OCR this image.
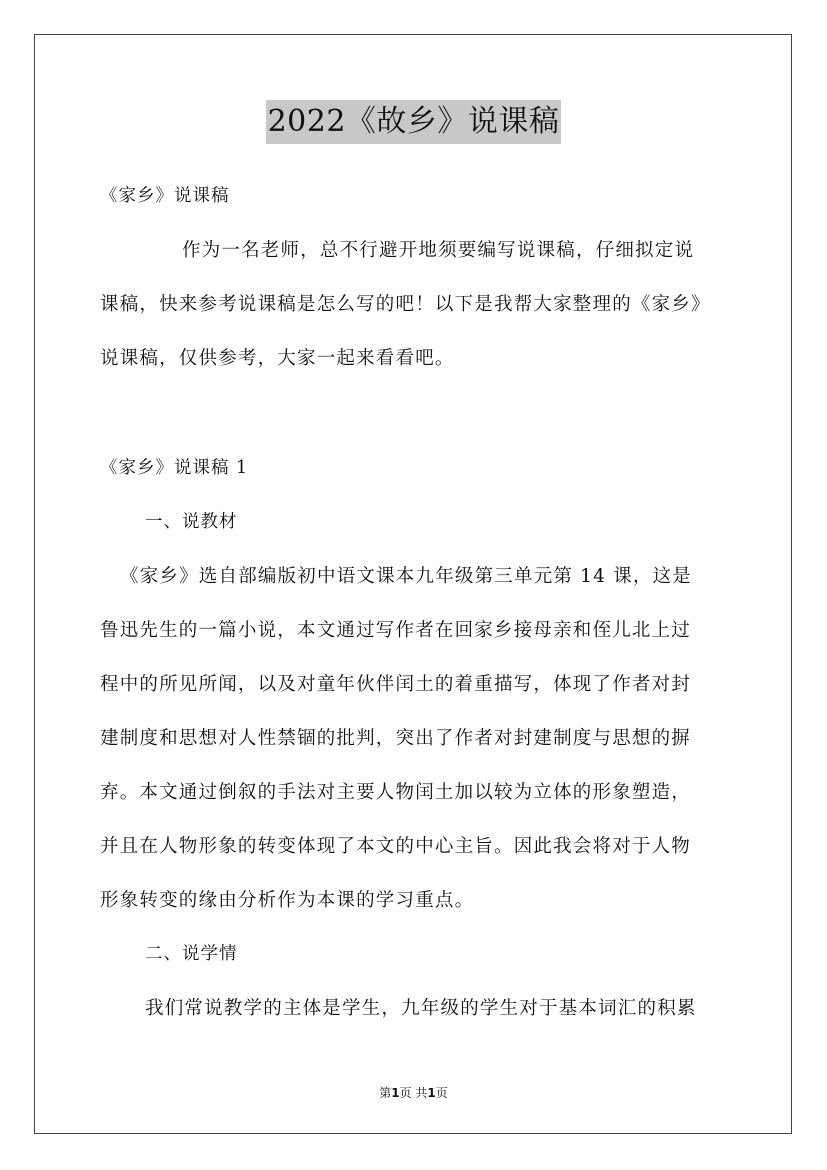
2022《故乡》说课稿
《家乡》说课稿
作为一名老师，总不行避开地须要编写说课稿，仔细拟定说
课稿，快来参考说课稿是怎么写的吧！以下是我帮大家整理的《家乡》
说课稿，仅供参考，大家一起来看看吧。
《家乡》说课稿 1
一、说教材
《家乡》选自部编版初中语文课本九年级第三单元第 14 课，这是
鲁迅先生的一篇小说，本文通过写作者在回家乡接母亲和侄儿北上过
程中的所见所闻，以及对童年伙伴闰土的着重描写，体现了作者对封
建制度和思想对人性禁锢的批判，突出了作者对封建制度与思想的摒
弃。本文通过倒叙的手法对主要人物闰土加以较为立体的形象塑造，
并且在人物形象的转变体现了本文的中心主旨。因此我会将对于人物
形象转变的缘由分析作为本课的学习重点。
二、说学情
我们常说教学的主体是学生，九年级的学生对于基本词汇的积累
第1页 共1页
